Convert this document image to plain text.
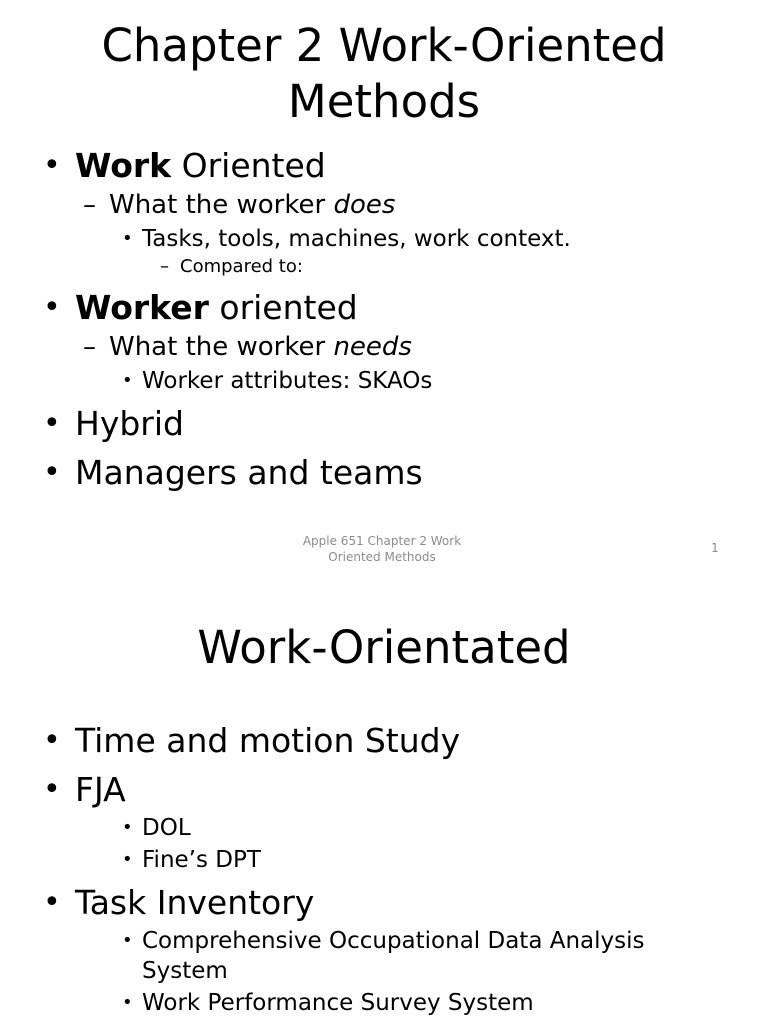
Chapter 2 Work-Oriented
Methods
• Work Oriented
– What the worker does
• Tasks, tools, machines, work context.
– Compared to:
• Worker oriented
– What the worker needs
• Worker attributes: SKAOs
• Hybrid
• Managers and teams
Apple 651 Chapter 2 Work
Oriented Methods
1
Work-Orientated
• Time and motion Study
• FJA
• DOL
• Fine’s DPT
• Task Inventory
• Comprehensive Occupational Data Analysis System
• Work Performance Survey System
